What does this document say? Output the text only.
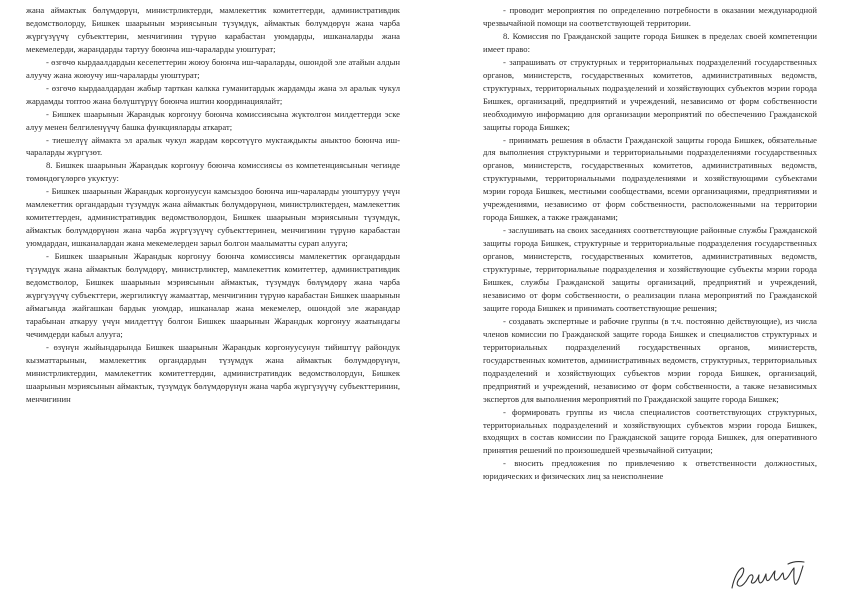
жана аймактык бөлүмдөрүн, министрликтерди, мамлекеттик комитеттерди, административдик ведомстволорду, Бишкек шаарынын мэриясынын түзүмдүк, аймактык бөлүмдөрүн жана чарба жүргүзүүчү субъекттерин, менчигинин түрүнө карабастан уюмдарды, ишканаларды жана мекемелерди, жарандарды тартуу боюнча иш-чараларды уюштурат;

- өзгөчө кырдаалдардын кесепеттерин жоюу боюнча иш-чараларды, ошондой эле атайын алдын алуучу жана жоюучу иш-чараларды уюштурат;

- өзгөчө кырдаалдардан жабыр тарткан калкка гуманитардык жардамды жана эл аралык чукул жардамды топтоо жана бөлүштүрүү боюнча иштин координациялайт;

- Бишкек шаарынын Жарандык коргонуу боюнча комиссиясына жүктөлгөн милдеттерди эске алуу менен белгиленүүчү башка функцияларды аткарат;

- тиешелүү аймакта эл аралык чукул жардам көрсөтүүгө муктаждыкты аныктоо боюнча иш-чараларды жүргүзөт.

8. Бишкек шаарынын Жарандык коргонуу боюнча комиссиясы өз компетенциясынын чегинде төмөндөгүлөргө укуктуу:

- Бишкек шаарынын Жарандык коргонуусун камсыздоо боюнча иш-чараларды уюштуруу үчүн мамлекеттик органдардын түзүмдүк жана аймактык бөлүмдөрүнөн, министрликтерден, мамлекеттик комитеттерден, административдик ведомстволордон, Бишкек шаарынын мэриясынын түзүмдүк, аймактык бөлүмдөрүнөн жана чарба жүргүзүүчү субъекттеринен, менчигинин түрүнө карабастан уюмдардан, ишканалардан жана мекемелерден зарыл болгон маалыматты сурап алууга;

- Бишкек шаарынын Жарандык коргонуу боюнча комиссиясы мамлекеттик органдардын түзүмдүк жана аймактык бөлүмдөрү, министрликтер, мамлекеттик комитеттер, административдик ведомстволор, Бишкек шаарынын мэриясынын аймактык, түзүмдүк бөлүмдөрү жана чарба жүргүзүүчү субъекттери, жергиликтүү жамааттар, менчигинин түрүнө карабастан Бишкек шаарынын аймагында жайгашкан бардык уюмдар, ишканалар жана мекемелер, ошондой эле жарандар тарабынан аткаруу үчүн милдеттүү болгон Бишкек шаарынын Жарандык коргонуу жаатындагы чечимдерди кабыл алууга;

- өзүнүн жыйындарында Бишкек шаарынын Жарандык коргонуусунун тийиштүү райондук кызматтарынын, мамлекеттик органдардын түзүмдүк жана аймактык бөлүмдөрүнүн, министрликтердин, мамлекеттик комитеттердин, административдик ведомстволордун, Бишкек шаарынын мэриясынын аймактык, түзүмдүк бөлүмдөрүнүн жана чарба жүргүзүүчү субъекттеринин, менчигинин

- проводит мероприятия по определению потребности в оказании международной чрезвычайной помощи на соответствующей территории.

8. Комиссия по Гражданской защите города Бишкек в пределах своей компетенции имеет право:

- запрашивать от структурных и территориальных подразделений государственных органов, министерств, государственных комитетов, административных ведомств, структурных, территориальных подразделений и хозяйствующих субъектов мэрии города Бишкек, организаций, предприятий и учреждений, независимо от форм собственности необходимую информацию для организации мероприятий по обеспечению Гражданской защиты города Бишкек;

- принимать решения в области Гражданской защиты города Бишкек, обязательные для выполнения структурными и территориальными подразделениями государственных органов, министерств, государственных комитетов, административных ведомств, структурными, территориальными подразделениями и хозяйствующими субъектами мэрии города Бишкек, местными сообществами, всеми организациями, предприятиями и учреждениями, независимо от форм собственности, расположенными на территории города Бишкек, а также гражданами;

- заслушивать на своих заседаниях соответствующие районные службы Гражданской защиты города Бишкек, структурные и территориальные подразделения государственных органов, министерств, государственных комитетов, административных ведомств, структурные, территориальные подразделения и хозяйствующие субъекты мэрии города Бишкек, службы Гражданской защиты организаций, предприятий и учреждений, независимо от форм собственности, о реализации плана мероприятий по Гражданской защите города Бишкек и принимать соответствующие решения;

- создавать экспертные и рабочие группы (в т.ч. постоянно действующие), из числа членов комиссии по Гражданской защите города Бишкек и специалистов структурных и территориальных подразделений государственных органов, министерств, государственных комитетов, административных ведомств, структурных, территориальных подразделений и хозяйствующих субъектов мэрии города Бишкек, организаций, предприятий и учреждений, независимо от форм собственности, а также независимых экспертов для выполнения мероприятий по Гражданской защите города Бишкек;

- формировать группы из числа специалистов соответствующих структурных, территориальных подразделений и хозяйствующих субъектов мэрии города Бишкек, входящих в состав комиссии по Гражданской защите города Бишкек, для оперативного принятия решений по произошедшей чрезвычайной ситуации;

- вносить предложения по привлечению к ответственности должностных, юридических и физических лиц за неисполнение
